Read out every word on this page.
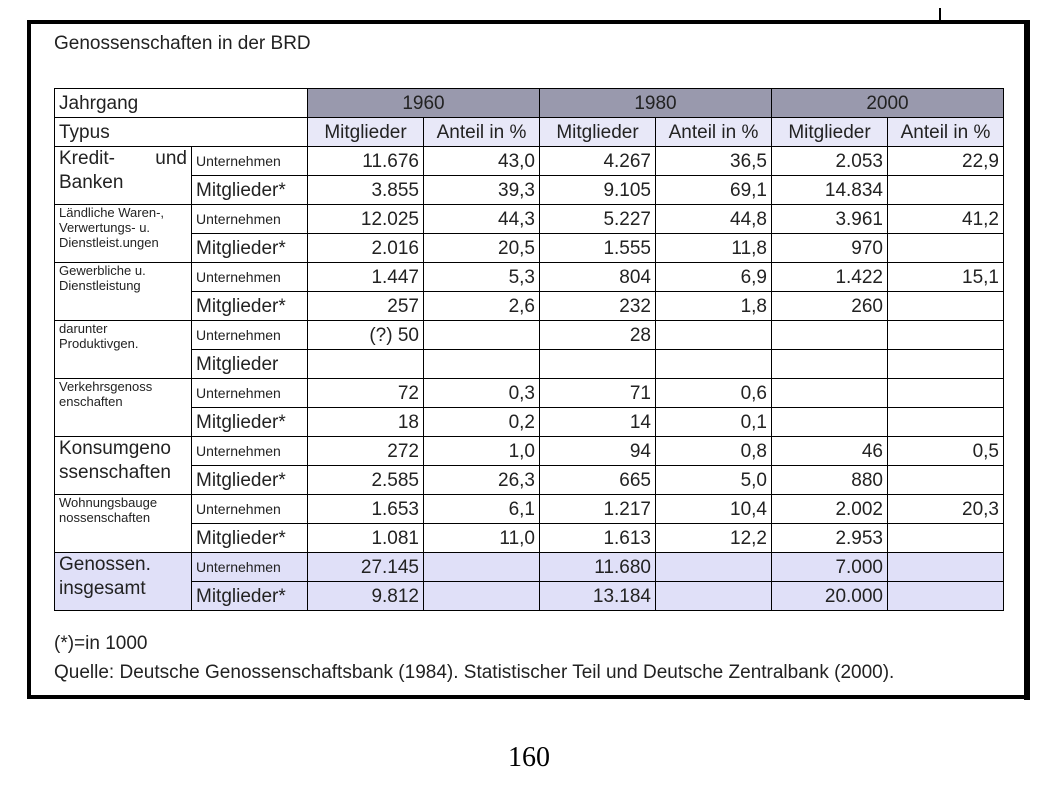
Genossenschaften in der BRD
Jahrgang		1960		1980		2000	
Typus		Mitglieder	Anteil in %	Mitglieder	Anteil in %	Mitglieder	Anteil in %
Kredit- und Banken	Unternehmen	11.676	43,0	4.267	36,5	2.053	22,9
	Mitglieder*	3.855	39,3	9.105	69,1	14.834	
Ländliche Waren-, Verwertungs- u. Dienstleist.ungen	Unternehmen	12.025	44,3	5.227	44,8	3.961	41,2
	Mitglieder*	2.016	20,5	1.555	11,8	970	
Gewerbliche u. Dienstleistung	Unternehmen	1.447	5,3	804	6,9	1.422	15,1
	Mitglieder*	257	2,6	232	1,8	260	
darunter Produktivgen.	Unternehmen	(?) 50		28			
	Mitglieder						
Verkehrsgenoss enschaften	Unternehmen	72	0,3	71	0,6		
	Mitglieder*	18	0,2	14	0,1		
Konsumgeno ssenschaften	Unternehmen	272	1,0	94	0,8	46	0,5
	Mitglieder*	2.585	26,3	665	5,0	880	
Wohnungsbauge nossenschaften	Unternehmen	1.653	6,1	1.217	10,4	2.002	20,3
	Mitglieder*	1.081	11,0	1.613	12,2	2.953	
Genossen. insgesamt	Unternehmen	27.145		11.680		7.000	
	Mitglieder*	9.812		13.184		20.000	
(*)=in 1000
Quelle: Deutsche Genossenschaftsbank (1984). Statistischer Teil und Deutsche Zentralbank (2000).
160
